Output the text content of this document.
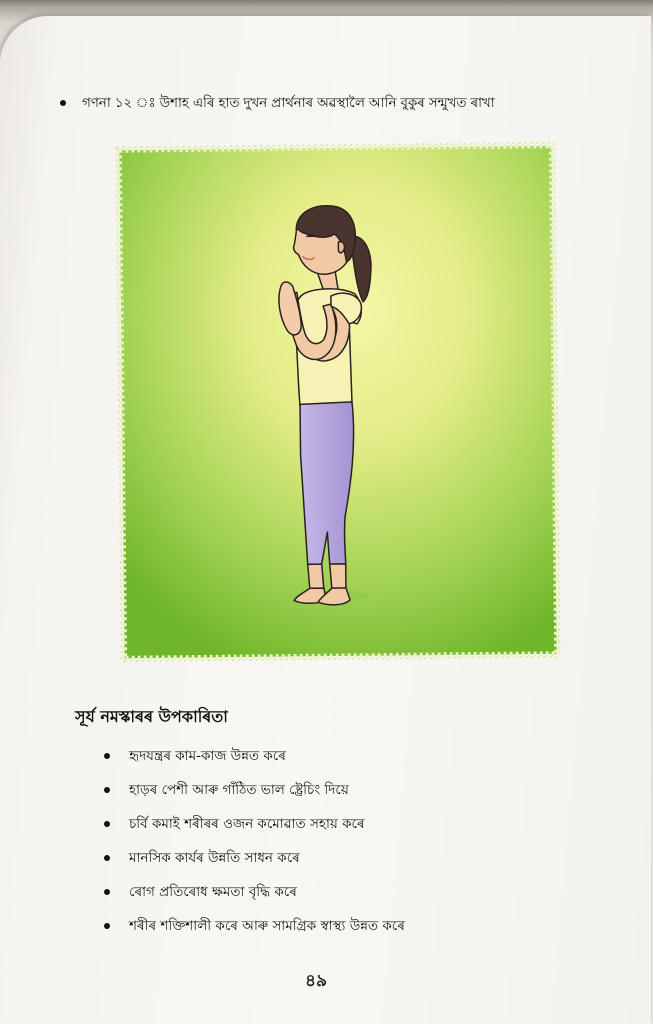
গণনা ১২ ঃ উশাহ এৰি হাত দুখন প্ৰাৰ্থনাৰ অৱস্থালৈ আনি বুকুৰ সন্মুখত ৰাখা
সূৰ্য নমস্কাৰৰ উপকাৰিতা
হৃদযন্ত্ৰৰ কাম-কাজ উন্নত কৰে
হাড়ৰ পেশী আৰু গাঁঠিত ভাল ষ্ট্ৰেচিং দিয়ে
চৰ্বি কমাই শৰীৰৰ ওজন কমোৱাত সহায় কৰে
মানসিক কাৰ্যৰ উন্নতি সাধন কৰে
ৰোগ প্ৰতিৰোধ ক্ষমতা বৃদ্ধি কৰে
শৰীৰ শক্তিশালী কৰে আৰু সামগ্ৰিক স্বাস্থ্য উন্নত কৰে
৪৯
